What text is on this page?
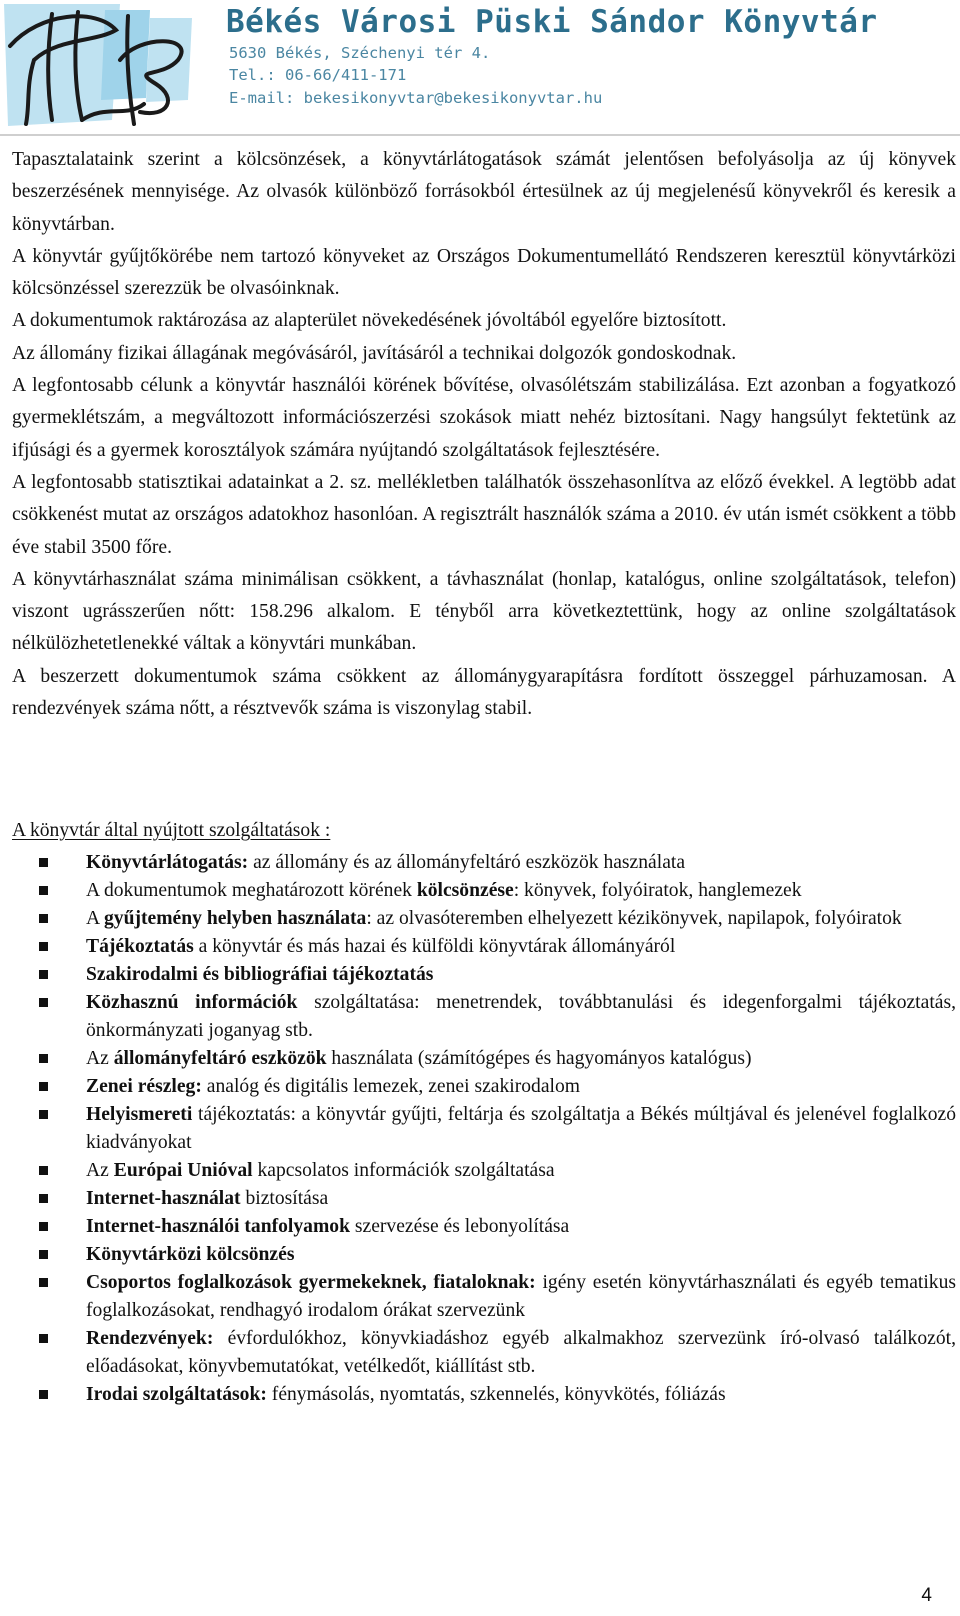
Békés Városi Püski Sándor Könyvtár
5630 Békés, Széchenyi tér 4.
Tel.: 06-66/411-171
E-mail: bekesikonyvtar@bekesikonyvtar.hu

Tapasztalataink szerint a kölcsönzések, a könyvtárlátogatások számát jelentősen befolyásolja az új könyvek beszerzésének mennyisége. Az olvasók különböző forrásokból értesülnek az új megjelenésű könyvekről és keresik a könyvtárban.

A könyvtár gyűjtőkörébe nem tartozó könyveket az Országos Dokumentumellátó Rendszeren keresztül könyvtárközi kölcsönzéssel szerezzük be olvasóinknak.

A dokumentumok raktározása az alapterület növekedésének jóvoltából egyelőre biztosított.

Az állomány fizikai állagának megóvásáról, javításáról a technikai dolgozók gondoskodnak.

A legfontosabb célunk a könyvtár használói körének bővítése, olvasólétszám stabilizálása. Ezt azonban a fogyatkozó gyermeklétszám, a megváltozott információszerzési szokások miatt nehéz biztosítani. Nagy hangsúlyt fektetünk az ifjúsági és a gyermek korosztályok számára nyújtandó szolgáltatások fejlesztésére.

A legfontosabb statisztikai adatainkat a 2. sz. mellékletben találhatók összehasonlítva az előző évekkel. A legtöbb adat csökkenést mutat az országos adatokhoz hasonlóan. A regisztrált használók száma a 2010. év után ismét csökkent a több éve stabil 3500 főre.

A könyvtárhasználat száma minimálisan csökkent, a távhasználat (honlap, katalógus, online szolgáltatások, telefon) viszont ugrásszerűen nőtt: 158.296 alkalom. E tényből arra következtettünk, hogy az online szolgáltatások nélkülözhetetlenekké váltak a könyvtári munkában.

A beszerzett dokumentumok száma csökkent az állománygyarapításra fordított összeggel párhuzamosan. A rendezvények száma nőtt, a résztvevők száma is viszonylag stabil.

A könyvtár által nyújtott szolgáltatások :
Könyvtárlátogatás: az állomány és az állományfeltáró eszközök használata
A dokumentumok meghatározott körének kölcsönzése: könyvek, folyóiratok, hanglemezek
A gyűjtemény helyben használata: az olvasóteremben elhelyezett kézikönyvek, napilapok, folyóiratok
Tájékoztatás a könyvtár és más hazai és külföldi könyvtárak állományáról
Szakirodalmi és bibliográfiai tájékoztatás
Közhasznú információk szolgáltatása: menetrendek, továbbtanulási és idegenforgalmi tájékoztatás, önkormányzati joganyag stb.
Az állományfeltáró eszközök használata (számítógépes és hagyományos katalógus)
Zenei részleg: analóg és digitális lemezek, zenei szakirodalom
Helyismereti tájékoztatás: a könyvtár gyűjti, feltárja és szolgáltatja a Békés múltjával és jelenével foglalkozó kiadványokat
Az Európai Unióval kapcsolatos információk szolgáltatása
Internet-használat biztosítása
Internet-használói tanfolyamok szervezése és lebonyolítása
Könyvtárközi kölcsönzés
Csoportos foglalkozások gyermekeknek, fiataloknak: igény esetén könyvtárhasználati és egyéb tematikus foglalkozásokat, rendhagyó irodalom órákat szervezünk
Rendezvények: évfordulókhoz, könyvkiadáshoz egyéb alkalmakhoz szervezünk író-olvasó találkozót, előadásokat, könyvbemutatókat, vetélkedőt, kiállítást stb.
Irodai szolgáltatások: fénymásolás, nyomtatás, szkennelés, könyvkötés, fóliázás
4
